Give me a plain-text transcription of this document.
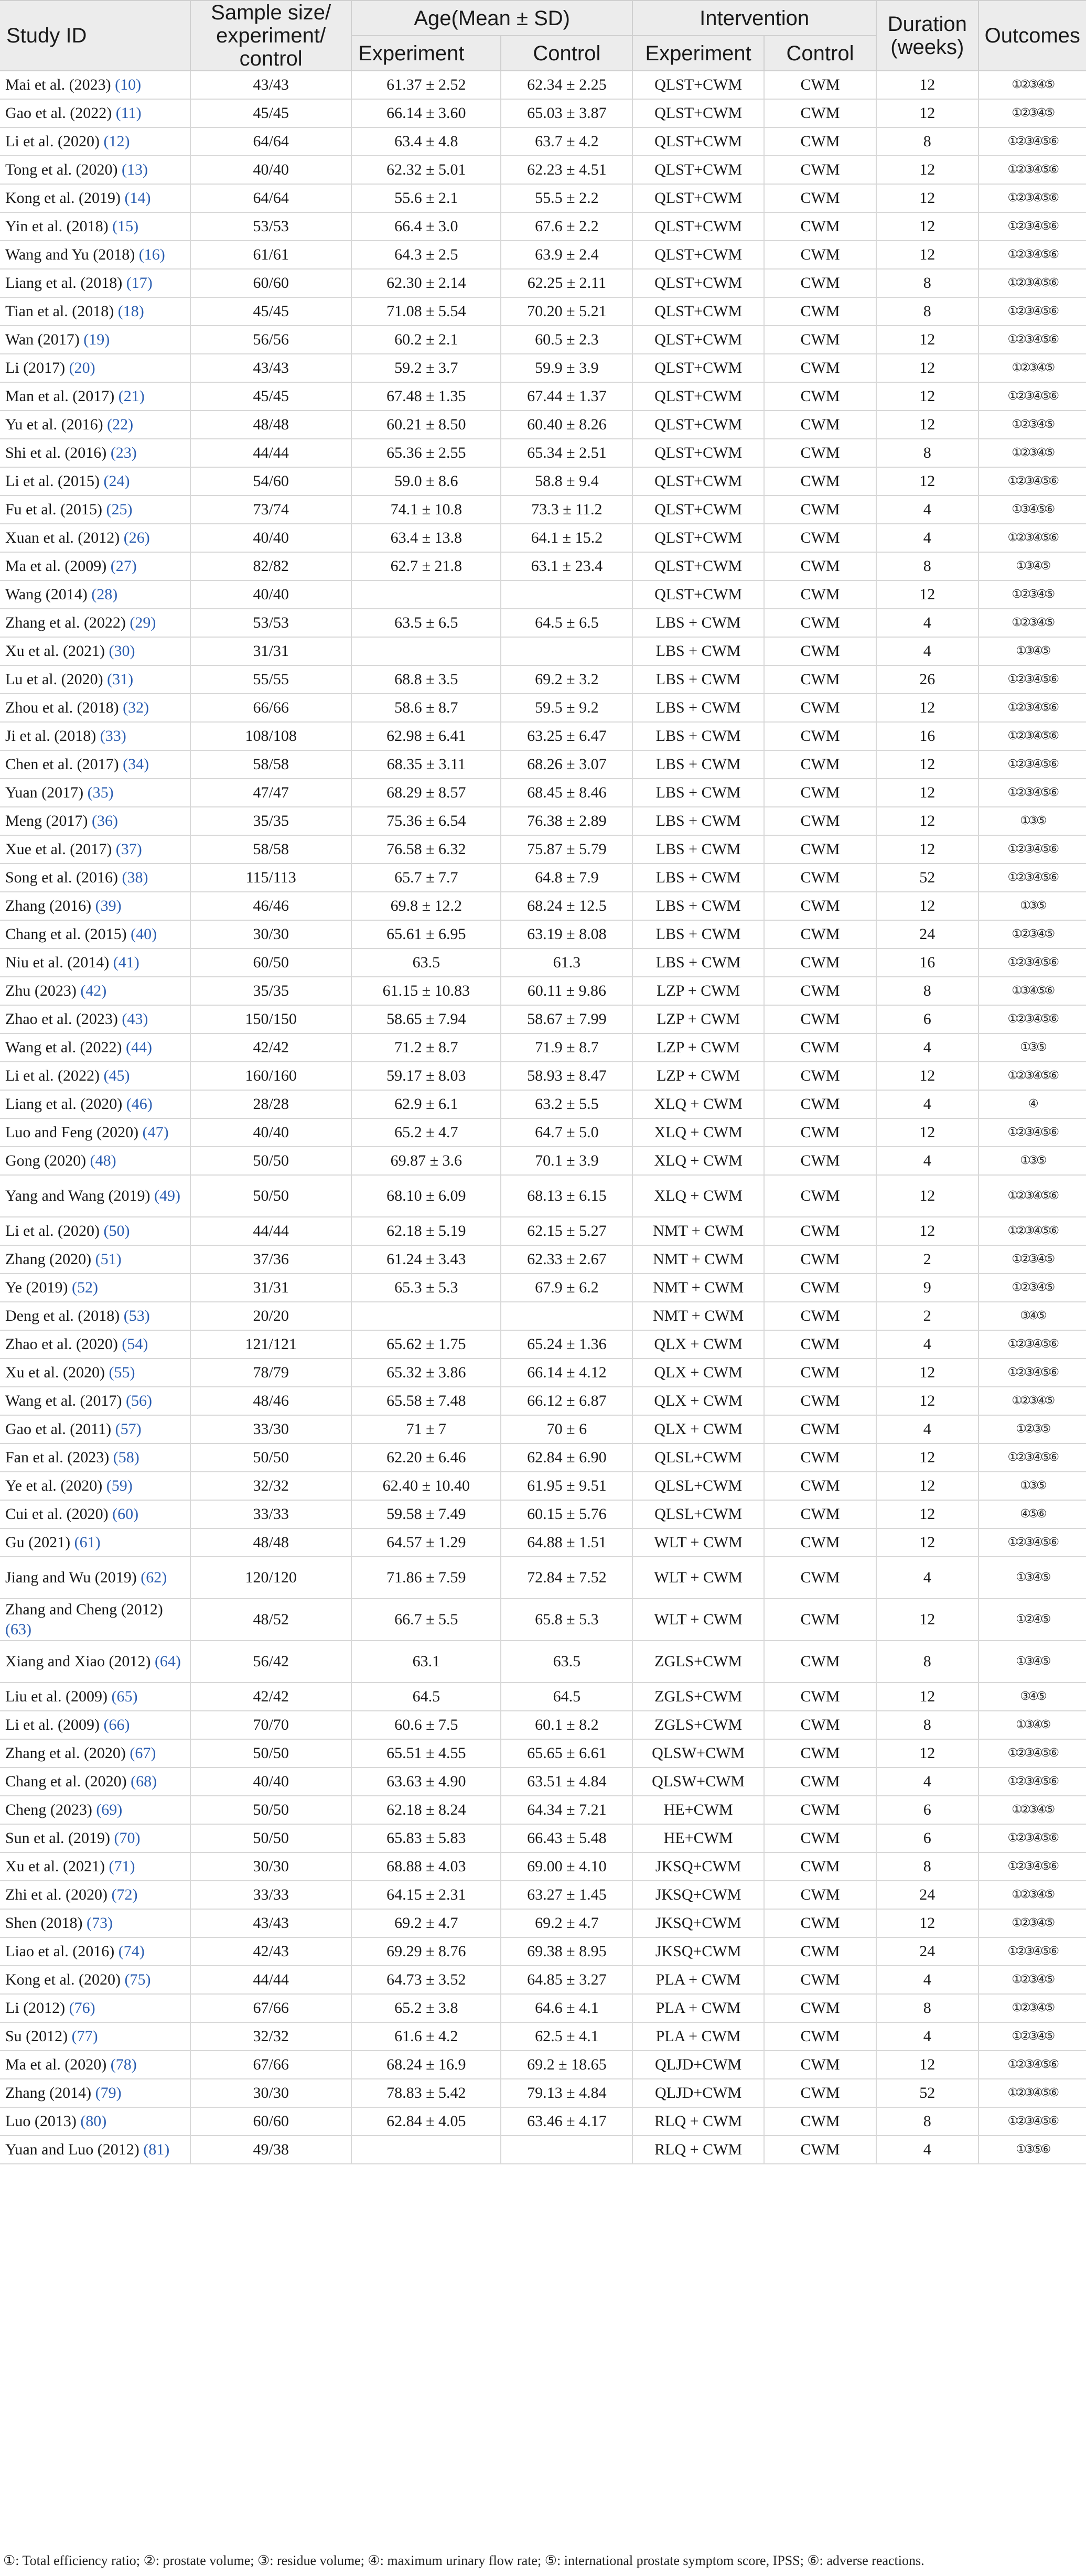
Study ID	Sample size/ experiment/ control	Age(Mean ± SD)		Intervention		Duration (weeks)	Outcomes
		Experiment	Control	Experiment	Control		
Mai et al. (2023) (10)	43/43	61.37 ± 2.52	62.34 ± 2.25	QLST+CWM	CWM	12	①②③④⑤
Gao et al. (2022) (11)	45/45	66.14 ± 3.60	65.03 ± 3.87	QLST+CWM	CWM	12	①②③④⑤
Li et al. (2020) (12)	64/64	63.4 ± 4.8	63.7 ± 4.2	QLST+CWM	CWM	8	①②③④⑤⑥
Tong et al. (2020) (13)	40/40	62.32 ± 5.01	62.23 ± 4.51	QLST+CWM	CWM	12	①②③④⑤⑥
Kong et al. (2019) (14)	64/64	55.6 ± 2.1	55.5 ± 2.2	QLST+CWM	CWM	12	①②③④⑤⑥
Yin et al. (2018) (15)	53/53	66.4 ± 3.0	67.6 ± 2.2	QLST+CWM	CWM	12	①②③④⑤⑥
Wang and Yu (2018) (16)	61/61	64.3 ± 2.5	63.9 ± 2.4	QLST+CWM	CWM	12	①②③④⑤⑥
Liang et al. (2018) (17)	60/60	62.30 ± 2.14	62.25 ± 2.11	QLST+CWM	CWM	8	①②③④⑤⑥
Tian et al. (2018) (18)	45/45	71.08 ± 5.54	70.20 ± 5.21	QLST+CWM	CWM	8	①②③④⑤⑥
Wan (2017) (19)	56/56	60.2 ± 2.1	60.5 ± 2.3	QLST+CWM	CWM	12	①②③④⑤⑥
Li (2017) (20)	43/43	59.2 ± 3.7	59.9 ± 3.9	QLST+CWM	CWM	12	①②③④⑤
Man et al. (2017) (21)	45/45	67.48 ± 1.35	67.44 ± 1.37	QLST+CWM	CWM	12	①②③④⑤⑥
Yu et al. (2016) (22)	48/48	60.21 ± 8.50	60.40 ± 8.26	QLST+CWM	CWM	12	①②③④⑤
Shi et al. (2016) (23)	44/44	65.36 ± 2.55	65.34 ± 2.51	QLST+CWM	CWM	8	①②③④⑤
Li et al. (2015) (24)	54/60	59.0 ± 8.6	58.8 ± 9.4	QLST+CWM	CWM	12	①②③④⑤⑥
Fu et al. (2015) (25)	73/74	74.1 ± 10.8	73.3 ± 11.2	QLST+CWM	CWM	4	①③④⑤⑥
Xuan et al. (2012) (26)	40/40	63.4 ± 13.8	64.1 ± 15.2	QLST+CWM	CWM	4	①②③④⑤⑥
Ma et al. (2009) (27)	82/82	62.7 ± 21.8	63.1 ± 23.4	QLST+CWM	CWM	8	①③④⑤
Wang (2014) (28)	40/40			QLST+CWM	CWM	12	①②③④⑤
Zhang et al. (2022) (29)	53/53	63.5 ± 6.5	64.5 ± 6.5	LBS + CWM	CWM	4	①②③④⑤
Xu et al. (2021) (30)	31/31			LBS + CWM	CWM	4	①③④⑤
Lu et al. (2020) (31)	55/55	68.8 ± 3.5	69.2 ± 3.2	LBS + CWM	CWM	26	①②③④⑤⑥
Zhou et al. (2018) (32)	66/66	58.6 ± 8.7	59.5 ± 9.2	LBS + CWM	CWM	12	①②③④⑤⑥
Ji et al. (2018) (33)	108/108	62.98 ± 6.41	63.25 ± 6.47	LBS + CWM	CWM	16	①②③④⑤⑥
Chen et al. (2017) (34)	58/58	68.35 ± 3.11	68.26 ± 3.07	LBS + CWM	CWM	12	①②③④⑤⑥
Yuan (2017) (35)	47/47	68.29 ± 8.57	68.45 ± 8.46	LBS + CWM	CWM	12	①②③④⑤⑥
Meng (2017) (36)	35/35	75.36 ± 6.54	76.38 ± 2.89	LBS + CWM	CWM	12	①③⑤
Xue et al. (2017) (37)	58/58	76.58 ± 6.32	75.87 ± 5.79	LBS + CWM	CWM	12	①②③④⑤⑥
Song et al. (2016) (38)	115/113	65.7 ± 7.7	64.8 ± 7.9	LBS + CWM	CWM	52	①②③④⑤⑥
Zhang (2016) (39)	46/46	69.8 ± 12.2	68.24 ± 12.5	LBS + CWM	CWM	12	①③⑤
Chang et al. (2015) (40)	30/30	65.61 ± 6.95	63.19 ± 8.08	LBS + CWM	CWM	24	①②③④⑤
Niu et al. (2014) (41)	60/50	63.5	61.3	LBS + CWM	CWM	16	①②③④⑤⑥
Zhu (2023) (42)	35/35	61.15 ± 10.83	60.11 ± 9.86	LZP + CWM	CWM	8	①③④⑤⑥
Zhao et al. (2023) (43)	150/150	58.65 ± 7.94	58.67 ± 7.99	LZP + CWM	CWM	6	①②③④⑤⑥
Wang et al. (2022) (44)	42/42	71.2 ± 8.7	71.9 ± 8.7	LZP + CWM	CWM	4	①③⑤
Li et al. (2022) (45)	160/160	59.17 ± 8.03	58.93 ± 8.47	LZP + CWM	CWM	12	①②③④⑤⑥
Liang et al. (2020) (46)	28/28	62.9 ± 6.1	63.2 ± 5.5	XLQ + CWM	CWM	4	④
Luo and Feng (2020) (47)	40/40	65.2 ± 4.7	64.7 ± 5.0	XLQ + CWM	CWM	12	①②③④⑤⑥
Gong (2020) (48)	50/50	69.87 ± 3.6	70.1 ± 3.9	XLQ + CWM	CWM	4	①③⑤
Yang and Wang (2019) (49)	50/50	68.10 ± 6.09	68.13 ± 6.15	XLQ + CWM	CWM	12	①②③④⑤⑥
Li et al. (2020) (50)	44/44	62.18 ± 5.19	62.15 ± 5.27	NMT + CWM	CWM	12	①②③④⑤⑥
Zhang (2020) (51)	37/36	61.24 ± 3.43	62.33 ± 2.67	NMT + CWM	CWM	2	①②③④⑤
Ye (2019) (52)	31/31	65.3 ± 5.3	67.9 ± 6.2	NMT + CWM	CWM	9	①②③④⑤
Deng et al. (2018) (53)	20/20			NMT + CWM	CWM	2	③④⑤
Zhao et al. (2020) (54)	121/121	65.62 ± 1.75	65.24 ± 1.36	QLX + CWM	CWM	4	①②③④⑤⑥
Xu et al. (2020) (55)	78/79	65.32 ± 3.86	66.14 ± 4.12	QLX + CWM	CWM	12	①②③④⑤⑥
Wang et al. (2017) (56)	48/46	65.58 ± 7.48	66.12 ± 6.87	QLX + CWM	CWM	12	①②③④⑤
Gao et al. (2011) (57)	33/30	71 ± 7	70 ± 6	QLX + CWM	CWM	4	①②③⑤
Fan et al. (2023) (58)	50/50	62.20 ± 6.46	62.84 ± 6.90	QLSL+CWM	CWM	12	①②③④⑤⑥
Ye et al. (2020) (59)	32/32	62.40 ± 10.40	61.95 ± 9.51	QLSL+CWM	CWM	12	①③⑤
Cui et al. (2020) (60)	33/33	59.58 ± 7.49	60.15 ± 5.76	QLSL+CWM	CWM	12	④⑤⑥
Gu (2021) (61)	48/48	64.57 ± 1.29	64.88 ± 1.51	WLT + CWM	CWM	12	①②③④⑤⑥
Jiang and Wu (2019) (62)	120/120	71.86 ± 7.59	72.84 ± 7.52	WLT + CWM	CWM	4	①③④⑤
Zhang and Cheng (2012) (63)	48/52	66.7 ± 5.5	65.8 ± 5.3	WLT + CWM	CWM	12	①②④⑤
Xiang and Xiao (2012) (64)	56/42	63.1	63.5	ZGLS+CWM	CWM	8	①③④⑤
Liu et al. (2009) (65)	42/42	64.5	64.5	ZGLS+CWM	CWM	12	③④⑤
Li et al. (2009) (66)	70/70	60.6 ± 7.5	60.1 ± 8.2	ZGLS+CWM	CWM	8	①③④⑤
Zhang et al. (2020) (67)	50/50	65.51 ± 4.55	65.65 ± 6.61	QLSW+CWM	CWM	12	①②③④⑤⑥
Chang et al. (2020) (68)	40/40	63.63 ± 4.90	63.51 ± 4.84	QLSW+CWM	CWM	4	①②③④⑤⑥
Cheng (2023) (69)	50/50	62.18 ± 8.24	64.34 ± 7.21	HE+CWM	CWM	6	①②③④⑤
Sun et al. (2019) (70)	50/50	65.83 ± 5.83	66.43 ± 5.48	HE+CWM	CWM	6	①②③④⑤⑥
Xu et al. (2021) (71)	30/30	68.88 ± 4.03	69.00 ± 4.10	JKSQ+CWM	CWM	8	①②③④⑤⑥
Zhi et al. (2020) (72)	33/33	64.15 ± 2.31	63.27 ± 1.45	JKSQ+CWM	CWM	24	①②③④⑤
Shen (2018) (73)	43/43	69.2 ± 4.7	69.2 ± 4.7	JKSQ+CWM	CWM	12	①②③④⑤
Liao et al. (2016) (74)	42/43	69.29 ± 8.76	69.38 ± 8.95	JKSQ+CWM	CWM	24	①②③④⑤⑥
Kong et al. (2020) (75)	44/44	64.73 ± 3.52	64.85 ± 3.27	PLA + CWM	CWM	4	①②③④⑤
Li (2012) (76)	67/66	65.2 ± 3.8	64.6 ± 4.1	PLA + CWM	CWM	8	①②③④⑤
Su (2012) (77)	32/32	61.6 ± 4.2	62.5 ± 4.1	PLA + CWM	CWM	4	①②③④⑤
Ma et al. (2020) (78)	67/66	68.24 ± 16.9	69.2 ± 18.65	QLJD+CWM	CWM	12	①②③④⑤⑥
Zhang (2014) (79)	30/30	78.83 ± 5.42	79.13 ± 4.84	QLJD+CWM	CWM	52	①②③④⑤⑥
Luo (2013) (80)	60/60	62.84 ± 4.05	63.46 ± 4.17	RLQ + CWM	CWM	8	①②③④⑤⑥
Yuan and Luo (2012) (81)	49/38			RLQ + CWM	CWM	4	①③⑤⑥
①: Total efficiency ratio; ②: prostate volume; ③: residue volume; ④: maximum urinary flow rate; ⑤: international prostate symptom score, IPSS; ⑥: adverse reactions.
